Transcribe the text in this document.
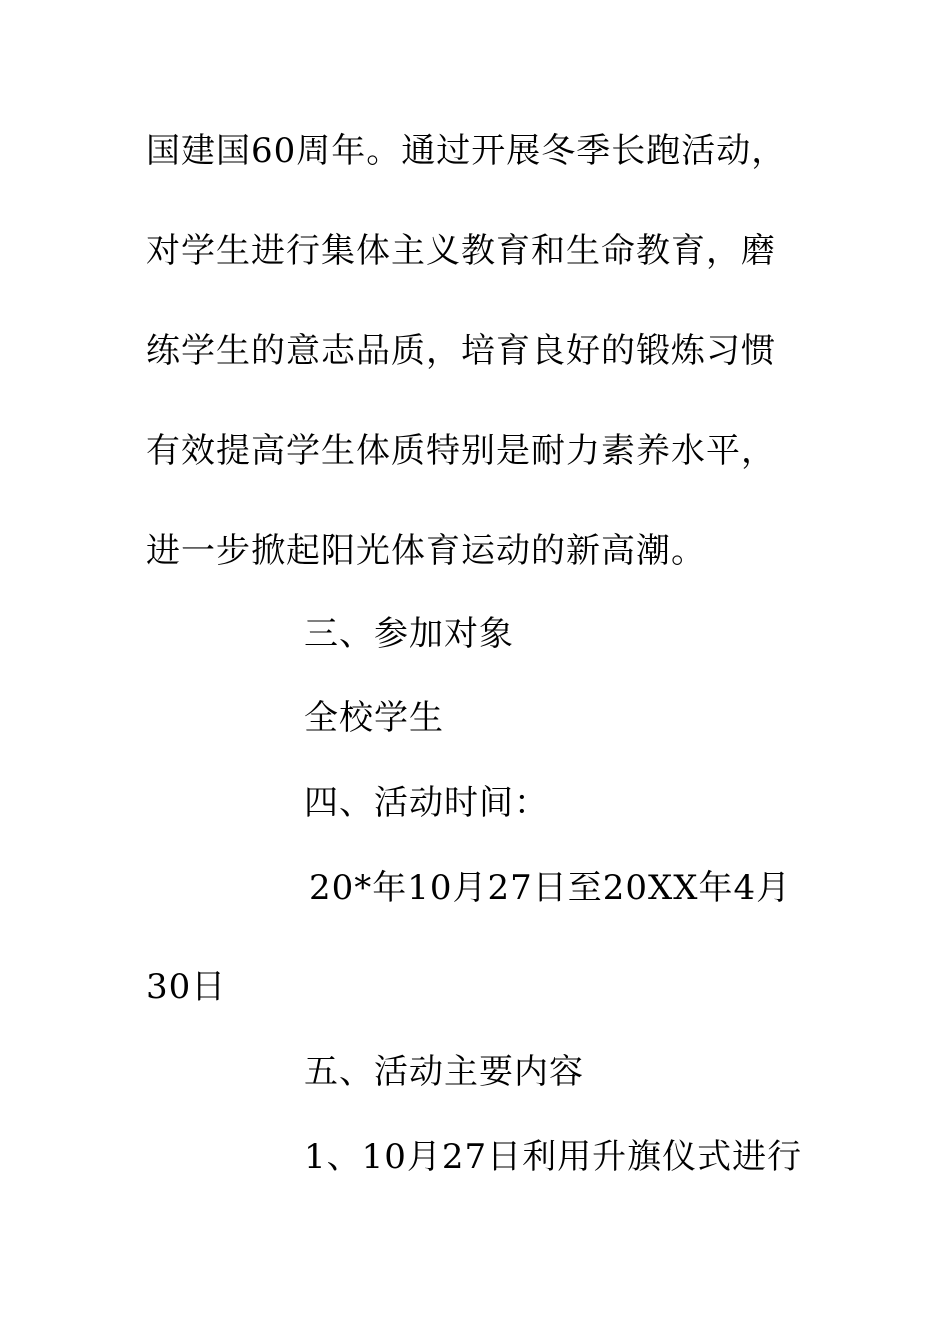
国建国60周年。通过开展冬季长跑活动，
对学生进行集体主义教育和生命教育，磨
练学生的意志品质，培育良好的锻炼习惯
有效提高学生体质特别是耐力素养水平，
进一步掀起阳光体育运动的新高潮。
三、参加对象
全校学生
四、活动时间：
20*年10月27日至20XX年4月
30日
五、活动主要内容
1、10月27日利用升旗仪式进行
